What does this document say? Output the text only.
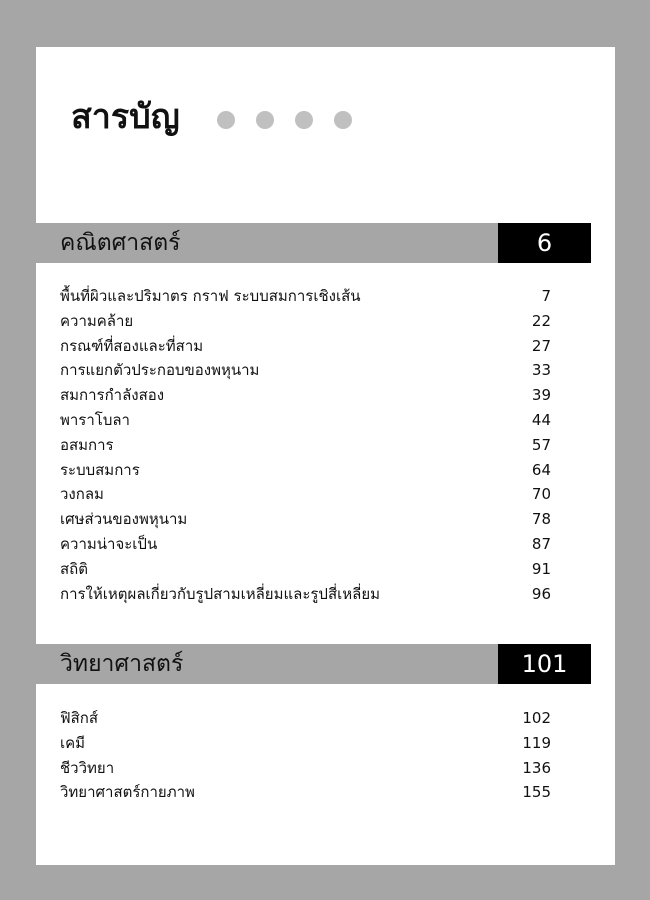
สารบัญ
คณิตศาสตร์	6
พื้นที่ผิวและปริมาตร กราฟ ระบบสมการเชิงเส้น	7
ความคล้าย	22
กรณฑ์ที่สองและที่สาม	27
การแยกตัวประกอบของพหุนาม	33
สมการกำลังสอง	39
พาราโบลา	44
อสมการ	57
ระบบสมการ	64
วงกลม	70
เศษส่วนของพหุนาม	78
ความน่าจะเป็น	87
สถิติ	91
การให้เหตุผลเกี่ยวกับรูปสามเหลี่ยมและรูปสี่เหลี่ยม	96
วิทยาศาสตร์	101
ฟิสิกส์	102
เคมี	119
ชีววิทยา	136
วิทยาศาสตร์กายภาพ	155
